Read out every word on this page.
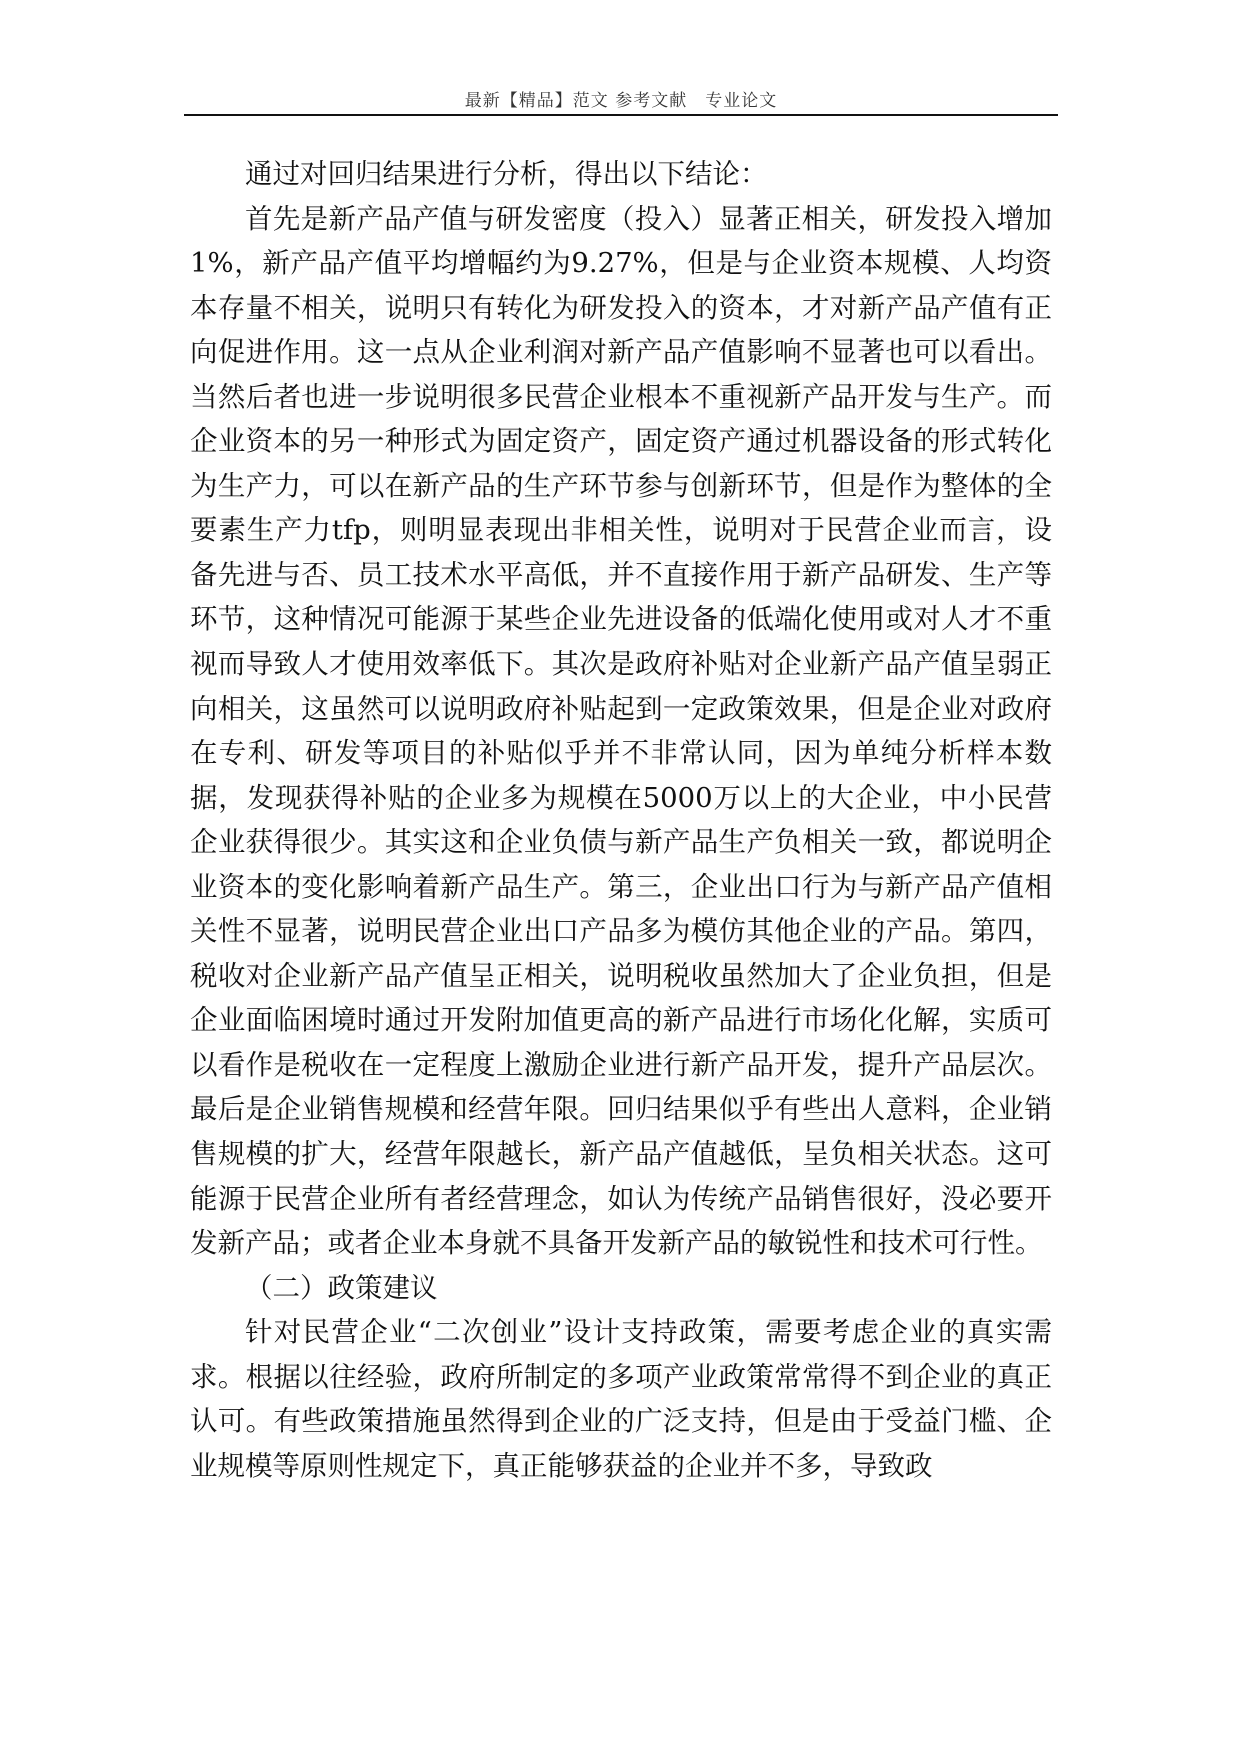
最新【精品】范文 参考文献　专业论文

通过对回归结果进行分析，得出以下结论：

首先是新产品产值与研发密度（投入）显著正相关，研发投入增加1%，新产品产值平均增幅约为9.27%，但是与企业资本规模、人均资本存量不相关，说明只有转化为研发投入的资本，才对新产品产值有正向促进作用。这一点从企业利润对新产品产值影响不显著也可以看出。当然后者也进一步说明很多民营企业根本不重视新产品开发与生产。而企业资本的另一种形式为固定资产，固定资产通过机器设备的形式转化为生产力，可以在新产品的生产环节参与创新环节，但是作为整体的全要素生产力tfp，则明显表现出非相关性，说明对于民营企业而言，设备先进与否、员工技术水平高低，并不直接作用于新产品研发、生产等环节，这种情况可能源于某些企业先进设备的低端化使用或对人才不重视而导致人才使用效率低下。其次是政府补贴对企业新产品产值呈弱正向相关，这虽然可以说明政府补贴起到一定政策效果，但是企业对政府在专利、研发等项目的补贴似乎并不非常认同，因为单纯分析样本数据，发现获得补贴的企业多为规模在5000万以上的大企业，中小民营企业获得很少。其实这和企业负债与新产品生产负相关一致，都说明企业资本的变化影响着新产品生产。第三，企业出口行为与新产品产值相关性不显著，说明民营企业出口产品多为模仿其他企业的产品。第四，税收对企业新产品产值呈正相关，说明税收虽然加大了企业负担，但是企业面临困境时通过开发附加值更高的新产品进行市场化化解，实质可以看作是税收在一定程度上激励企业进行新产品开发，提升产品层次。最后是企业销售规模和经营年限。回归结果似乎有些出人意料，企业销售规模的扩大，经营年限越长，新产品产值越低，呈负相关状态。这可能源于民营企业所有者经营理念，如认为传统产品销售很好，没必要开发新产品；或者企业本身就不具备开发新产品的敏锐性和技术可行性。

（二）政策建议

针对民营企业“二次创业”设计支持政策，需要考虑企业的真实需求。根据以往经验，政府所制定的多项产业政策常常得不到企业的真正认可。有些政策措施虽然得到企业的广泛支持，但是由于受益门槛、企业规模等原则性规定下，真正能够获益的企业并不多，导致政
